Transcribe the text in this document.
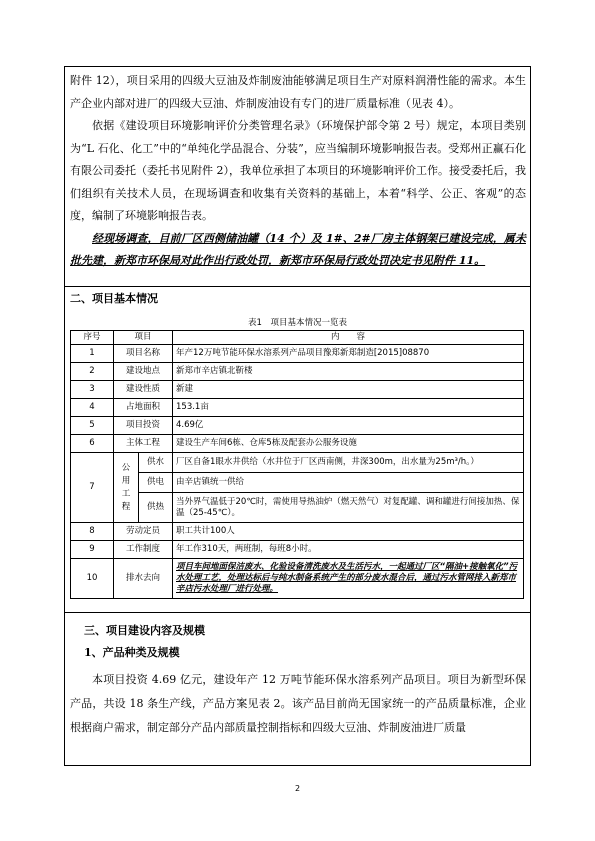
附件 12），项目采用的四级大豆油及炸制废油能够满足项目生产对原料润滑性能的需求。本生产企业内部对进厂的四级大豆油、炸制废油设有专门的进厂质量标准（见表 4）。

依据《建设项目环境影响评价分类管理名录》（环境保护部令第 2 号）规定，本项目类别为“L 石化、化工”中的“单纯化学品混合、分装”，应当编制环境影响报告表。受郑州正赢石化有限公司委托（委托书见附件 2），我单位承担了本项目的环境影响评价工作。接受委托后，我们组织有关技术人员，在现场调查和收集有关资料的基础上，本着“科学、公正、客观”的态度，编制了环境影响报告表。

经现场调查，目前厂区西侧储油罐（14 个）及 1#、2#厂房主体钢架已建设完成，属未批先建，新郑市环保局对此作出行政处罚，新郑市环保局行政处罚决定书见附件 11。

二、项目基本情况
表1　项目基本情况一览表
序号	项目		内　　容
1	项目名称		年产12万吨节能环保水溶系列产品项目豫郑新郑制造[2015]08870
2	建设地点		新郑市辛店镇北靳楼
3	建设性质		新建
4	占地面积		153.1亩
5	项目投资		4.69亿
6	主体工程		建设生产车间6栋、仓库5栋及配套办公服务设施
7	公用工程	供水	厂区自备1眼水井供给（水井位于厂区西南侧，井深300m，出水量为25m³/h。）
		供电	由辛店镇统一供给
		供热	当外界气温低于20℃时，需使用导热油炉（燃天然气）对复配罐、调和罐进行间接加热、保温（25-45℃）。
8	劳动定员		职工共计100人
9	工作制度		年工作310天，两班制，每班8小时。
10	排水去向		项目车间地面保洁废水、化验设备清洗废水及生活污水，一起通过厂区“隔油+接触氧化”污水处理工艺，处理达标后与纯水制备系统产生的部分废水混合后，通过污水管网排入新郑市辛店污水处理厂进行处理。
三、项目建设内容及规模
1、产品种类及规模

本项目投资 4.69 亿元，建设年产 12 万吨节能环保水溶系列产品项目。项目为新型环保产品，共设 18 条生产线，产品方案见表 2。该产品目前尚无国家统一的产品质量标准，企业根据商户需求，制定部分产品内部质量控制指标和四级大豆油、炸制废油进厂质量

2
